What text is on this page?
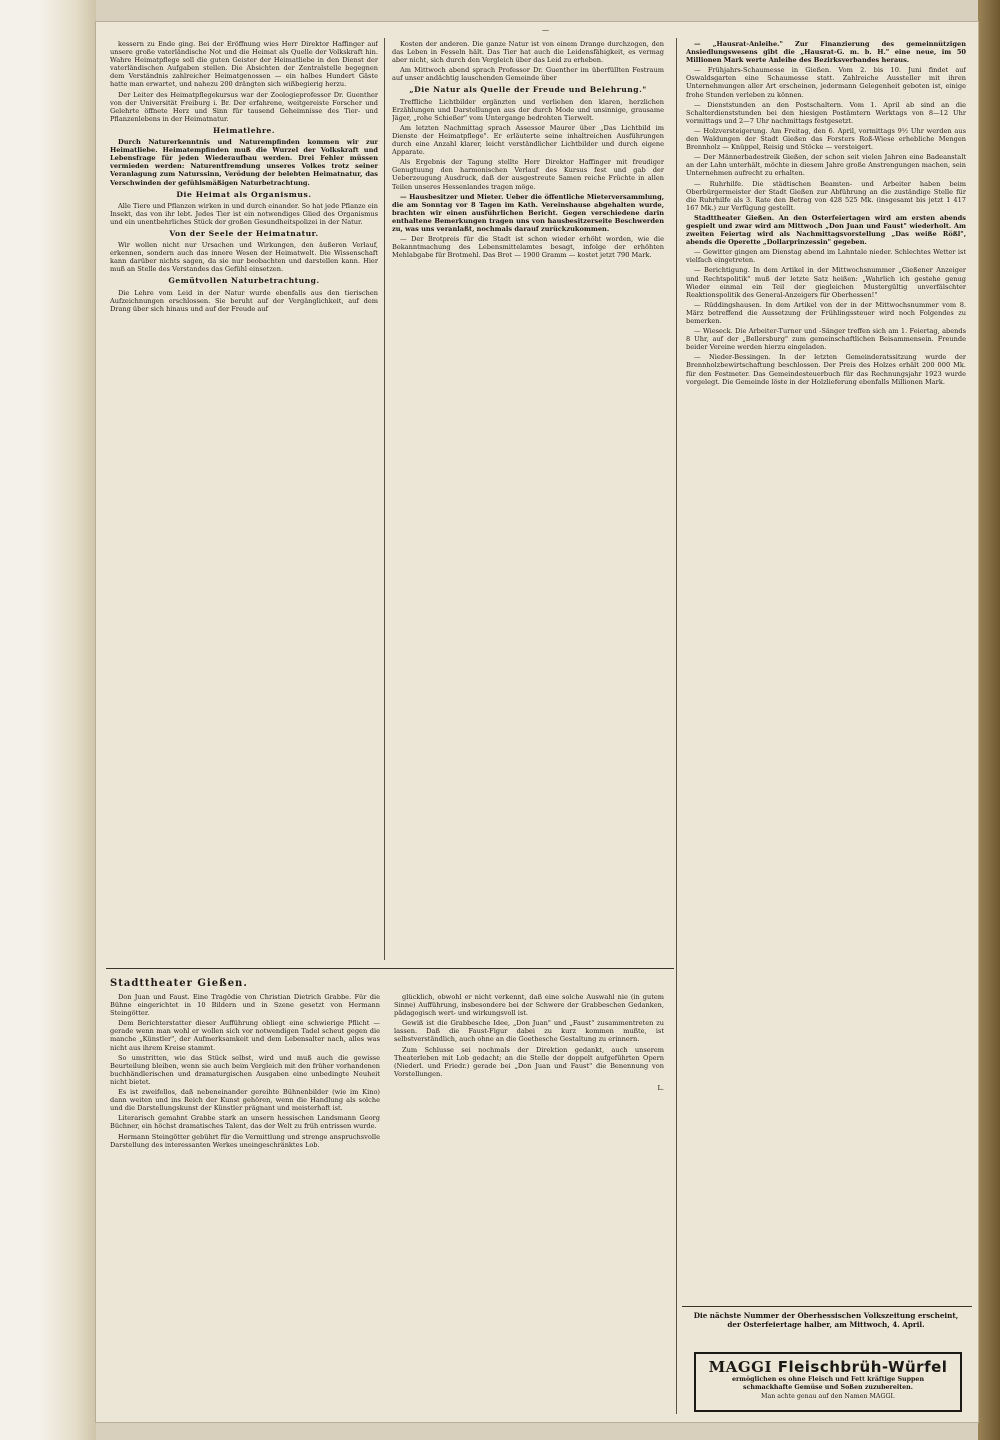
—

kessern zu Ende ging. Bei der Eröffnung wies Herr Direktor Haffinger auf unsere große vaterländische Not und die Heimat als Quelle der Volkskraft hin. Wahre Heimatpflege soll die guten Geister der Heimatliebe in den Dienst der vaterländischen Aufgaben stellen. Die Absichten der Zentralstelle begegnen dem Verständnis zahlreicher Heimatgenossen — ein halbes Hundert Gäste hatte man erwartet, und nahezu 200 drängten sich wißbegierig herzu.

Der Leiter des Heimatpflegekursus war der Zoologieprofessor Dr. Guenther von der Universität Freiburg i. Br. Der erfahrene, weitgereiste Forscher und Gelehrte öffnete Herz und Sinn für tausend Geheimnisse des Tier- und Pflanzenlebens in der Heimatnatur.

Heimatlehre.

Durch Naturerkenntnis und Naturempfinden kommen wir zur Heimatliebe. Heimatempfinden muß die Wurzel der Volkskraft und Lebensfrage für jeden Wiederaufbau werden. Drei Fehler müssen vermieden werden: Naturentfremdung unseres Volkes trotz seiner Veranlagung zum Naturssinn, Verödung der belebten Heimatnatur, das Verschwinden der gefühlsmäßigen Naturbetrachtung.

Die Heimat als Organismus.

Alle Tiere und Pflanzen wirken in und durch einander. So hat jede Pflanze ein Insekt, das von ihr lebt. Jedes Tier ist ein notwendiges Glied des Organismus und ein unentbehrliches Stück der großen Gesundheitspolizei in der Natur.

Von der Seele der Heimatnatur.

Wir wollen nicht nur Ursachen und Wirkungen, den äußeren Verlauf, erkennen, sondern auch das innere Wesen der Heimatwelt. Die Wissenschaft kann darüber nichts sagen, da sie nur beobachten und darstellen kann. Hier muß an Stelle des Verstandes das Gefühl einsetzen.

Gemütvollen Naturbetrachtung.

Die Lehre vom Leid in der Natur wurde ebenfalls aus den tierischen Aufzeichnungen erschlossen. Sie beruht auf der Vergänglichkeit, auf dem Drang über sich hinaus und auf der Freude auf

Kosten der anderen. Die ganze Natur ist von einem Drange durchzogen, den das Leben in Fesseln hält. Das Tier hat auch die Leidensfähigkeit, es vermag aber nicht, sich durch den Vergleich über das Leid zu erheben.

Am Mittwoch abend sprach Professor Dr. Guenther im überfüllten Festraum auf unser andächtig lauschenden Gemeinde über

„Die Natur als Quelle der Freude und Belehrung."

Treffliche Lichtbilder ergänzten und verliehen den klaren, herzlichen Erzählungen und Darstellungen aus der durch Mode und unsinnige, grausame Jäger, „rohe Schießer" vom Untergange bedrohten Tierwelt.

Am letzten Nachmittag sprach Assessor Maurer über „Das Lichtbild im Dienste der Heimatpflege". Er erläuterte seine inhaltreichen Ausführungen durch eine Anzahl klarer, leicht verständlicher Lichtbilder und durch eigene Apparate.

Als Ergebnis der Tagung stellte Herr Direktor Haffinger mit freudiger Genugtuung den harmonischen Verlauf des Kursus fest und gab der Ueberzeugung Ausdruck, daß der ausgestreute Samen reiche Früchte in allen Teilen unseres Hessenlandes tragen möge.

— Hausbesitzer und Mieter. Ueber die öffentliche Mieterversammlung, die am Sonntag vor 8 Tagen im Kath. Vereinshause abgehalten wurde, brachten wir einen ausführlichen Bericht. Gegen verschiedene darin enthaltene Bemerkungen tragen uns von hausbesitzerseite Beschwerden zu, was uns veranlaßt, nochmals darauf zurückzukommen.

— Der Brotpreis für die Stadt ist schon wieder erhöht worden, wie die Bekanntmachung des Lebensmittelamtes besagt, infolge der erhöhten Mehlabgabe für Brotmehl. Das Brot — 1900 Gramm — kostet jetzt 790 Mark.

— „Hausrat-Anleihe." Zur Finanzierung des gemeinnützigen Ansiedlungswesens gibt die „Hausrat-G. m. b. H." eine neue, im 50 Millionen Mark werte Anleihe des Bezirksverbandes heraus.

— Frühjahrs-Schaumesse in Gießen. Vom 2. bis 10. Juni findet auf Oswaldsgarten eine Schaumesse statt. Zahlreiche Aussteller mit ihren Unternehmungen aller Art erscheinen, jedermann Gelegenheit geboten ist, einige frohe Stunden verleben zu können.

— Dienststunden an den Postschaltern. Vom 1. April ab sind an die Schalterdienststunden bei den hiesigen Postämtern Werktags von 8—12 Uhr vormittags und 2—7 Uhr nachmittags festgesetzt.

— Holzversteigerung. Am Freitag, den 6. April, vormittags 9½ Uhr werden aus den Waldungen der Stadt Gießen das Forsters Roß-Wiese erhebliche Mengen Brennholz — Knüppel, Reisig und Stöcke — versteigert.

— Der Männerbadestreik Gießen, der schon seit vielen Jahren eine Badeanstalt an der Lahn unterhält, möchte in diesem Jahre große Anstrengungen machen, sein Unternehmen aufrecht zu erhalten.

— Ruhrhilfe. Die städtischen Beamten- und Arbeiter haben beim Oberbürgermeister der Stadt Gießen zur Abführung an die zuständige Stelle für die Ruhrhilfe als 3. Rate den Betrag von 428 525 Mk. (insgesamt bis jetzt 1 417 167 Mk.) zur Verfügung gestellt.

Stadttheater Gießen. An den Osterfeiertagen wird am ersten abends gespielt und zwar wird am Mittwoch „Don Juan und Faust" wiederholt. Am zweiten Feiertag wird als Nachmittagsvorstellung „Das weiße Rößl", abends die Operette „Dollarprinzessin" gegeben.

— Gewitter gingen am Dienstag abend im Lahntale nieder. Schlechtes Wetter ist vielfach eingetreten.

— Berichtigung. In dem Artikel in der Mittwochsnummer „Gießener Anzeiger und Rechtspolitik" muß der letzte Satz heißen: „Wahrlich ich gestehe genug Wieder einmal ein Teil der giegleichen Mustergültig unverfälschter Reaktionspolitik des General-Anzeigers für Oberhessen!"

— Rüddingshausen. In dem Artikel von der in der Mittwochsnummer vom 8. März betreffend die Aussetzung der Frühlingssteuer wird noch Folgendes zu bemerken.

— Wieseck. Die Arbeiter-Turner und -Sänger treffen sich am 1. Feiertag, abends 8 Uhr, auf der „Bellersburg" zum gemeinschaftlichen Beisammensein. Freunde beider Vereine werden hierzu eingeladen.

— Nieder-Bessingen. In der letzten Gemeinderatssitzung wurde der Brennholzbewirtschaftung beschlossen. Der Preis des Holzes erhält 200 000 Mk. für den Festmeter. Das Gemeindesteuerbuch für das Rechnungsjahr 1923 wurde vorgelegt. Die Gemeinde löste in der Holzlieferung ebenfalls Millionen Mark.

Stadttheater Gießen.

Don Juan und Faust. Eine Tragödie von Christian Dietrich Grabbe. Für die Bühne eingerichtet in 10 Bildern und in Szene gesetzt von Hermann Steingötter.

Dem Berichterstatter dieser Aufführung obliegt eine schwierige Pflicht — gerade wenn man wohl er wollen sich vor notwendigen Tadel scheut gegen die manche „Künstler", der Aufmerksamkeit und dem Lebensalter nach, alles was nicht aus ihrem Kreise stammt.

So umstritten, wie das Stück selbst, wird und muß auch die gewisse Beurteilung bleiben, wenn sie auch beim Vergleich mit den früher vorhandenen buchhändlerischen und dramaturgischen Ausgaben eine unbedingte Neuheit nicht bietet.

Es ist zweifellos, daß nebeneinander gereihte Bühnenbilder (wie im Kino) dann weiten und ins Reich der Kunst gehören, wenn die Handlung als solche und die Darstellungskunst der Künstler prägnant und meisterhaft ist.

Literarisch gemahnt Grabbe stark an unsern hessischen Landsmann Georg Büchner, ein höchst dramatisches Talent, das der Welt zu früh entrissen wurde.

Hermann Steingötter gebührt für die Vermittlung und strenge anspruchsvolle Darstellung des interessanten Werkes uneingeschränktes Lob.

glücklich, obwohl er nicht verkennt, daß eine solche Auswahl nie (in gutem Sinne) Aufführung, insbesondere bei der Schwere der Grabbeschen Gedanken, pädagogisch wert- und wirkungsvoll ist.

Gewiß ist die Grabbesche Idee, „Don Juan" und „Faust" zusammentreten zu lassen. Daß die Faust-Figur dabei zu kurz kommen mußte, ist selbstverständlich, auch ohne an die Goethesche Gestaltung zu erinnern.

Zum Schlusse sei nochmals der Direktion gedankt, auch unserem Theaterleben mit Lob gedacht; an die Stelle der doppelt aufgeführten Opern (Niederl. und Friedr.) gerade bei „Don Juan und Faust" die Benennung von Vorstellungen.

L.
Die nächste Nummer der Oberhessischen Volkszeitung erscheint, der Osterfeiertage halber, am Mittwoch, 4. April.
MAGGI Fleischbrüh-Würfel
ermöglichen es ohne Fleisch und Fett kräftige Suppen
schmackhafte Gemüse und Soßen zuzubereiten.
Man achte genau auf den Namen MAGGI.
